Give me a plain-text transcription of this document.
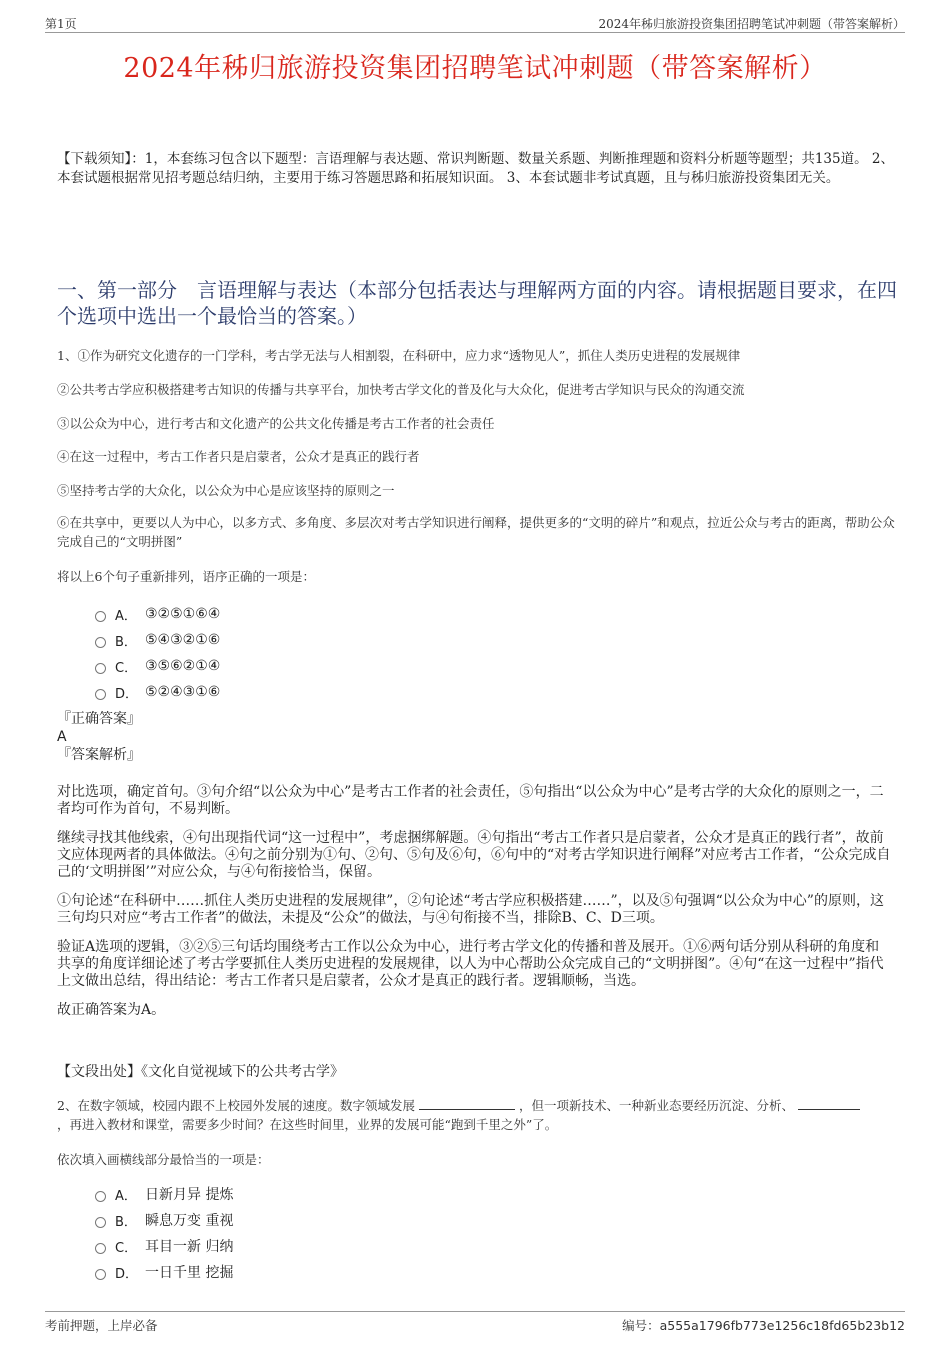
第1页	2024年秭归旅游投资集团招聘笔试冲刺题（带答案解析）
2024年秭归旅游投资集团招聘笔试冲刺题（带答案解析）
【下载须知】：1，本套练习包含以下题型：言语理解与表达题、常识判断题、数量关系题、判断推理题和资料分析题等题型；共135道。 2、本套试题根据常见招考题总结归纳，主要用于练习答题思路和拓展知识面。 3、本套试题非考试真题，且与秭归旅游投资集团无关。
一、第一部分　言语理解与表达（本部分包括表达与理解两方面的内容。请根据题目要求，在四个选项中选出一个最恰当的答案。）
1、①作为研究文化遗存的一门学科，考古学无法与人相割裂，在科研中，应力求“透物见人”，抓住人类历史进程的发展规律
②公共考古学应积极搭建考古知识的传播与共享平台，加快考古学文化的普及化与大众化，促进考古学知识与民众的沟通交流
③以公众为中心，进行考古和文化遗产的公共文化传播是考古工作者的社会责任
④在这一过程中，考古工作者只是启蒙者，公众才是真正的践行者
⑤坚持考古学的大众化，以公众为中心是应该坚持的原则之一
⑥在共享中，更要以人为中心，以多方式、多角度、多层次对考古学知识进行阐释，提供更多的“文明的碎片”和观点，拉近公众与考古的距离，帮助公众完成自己的“文明拼图”
将以上6个句子重新排列，语序正确的一项是：
A． ③②⑤①⑥④
B． ⑤④③②①⑥
C． ③⑤⑥②①④
D． ⑤②④③①⑥
『正确答案』
A
『答案解析』

对比选项，确定首句。③句介绍“以公众为中心”是考古工作者的社会责任，⑤句指出“以公众为中心”是考古学的大众化的原则之一，二者均可作为首句，不易判断。

继续寻找其他线索，④句出现指代词“这一过程中”，考虑捆绑解题。④句指出“考古工作者只是启蒙者，公众才是真正的践行者”，故前文应体现两者的具体做法。④句之前分别为①句、②句、⑤句及⑥句，⑥句中的“对考古学知识进行阐释”对应考古工作者，“公众完成自己的‘文明拼图’”对应公众，与④句衔接恰当，保留。

①句论述“在科研中……抓住人类历史进程的发展规律”，②句论述“考古学应积极搭建……”，以及⑤句强调“以公众为中心”的原则，这三句均只对应“考古工作者”的做法，未提及“公众”的做法，与④句衔接不当，排除B、C、D三项。

验证A选项的逻辑，③②⑤三句话均围绕考古工作以公众为中心，进行考古学文化的传播和普及展开。①⑥两句话分别从科研的角度和共享的角度详细论述了考古学要抓住人类历史进程的发展规律，以人为中心帮助公众完成自己的“文明拼图”。④句“在这一过程中”指代上文做出总结，得出结论：考古工作者只是启蒙者，公众才是真正的践行者。逻辑顺畅，当选。

故正确答案为A。

【文段出处】《文化自觉视域下的公共考古学》
2、在数字领域，校园内跟不上校园外发展的速度。数字领域发展	，但一项新技术、一种新业态要经历沉淀、分析、
，再进入教材和课堂，需要多少时间？在这些时间里，业界的发展可能“跑到千里之外”了。
依次填入画横线部分最恰当的一项是：
A． 日新月异 提炼
B． 瞬息万变 重视
C． 耳目一新 归纳
D． 一日千里 挖掘
考前押题，上岸必备	编号：a555a1796fb773e1256c18fd65b23b12
